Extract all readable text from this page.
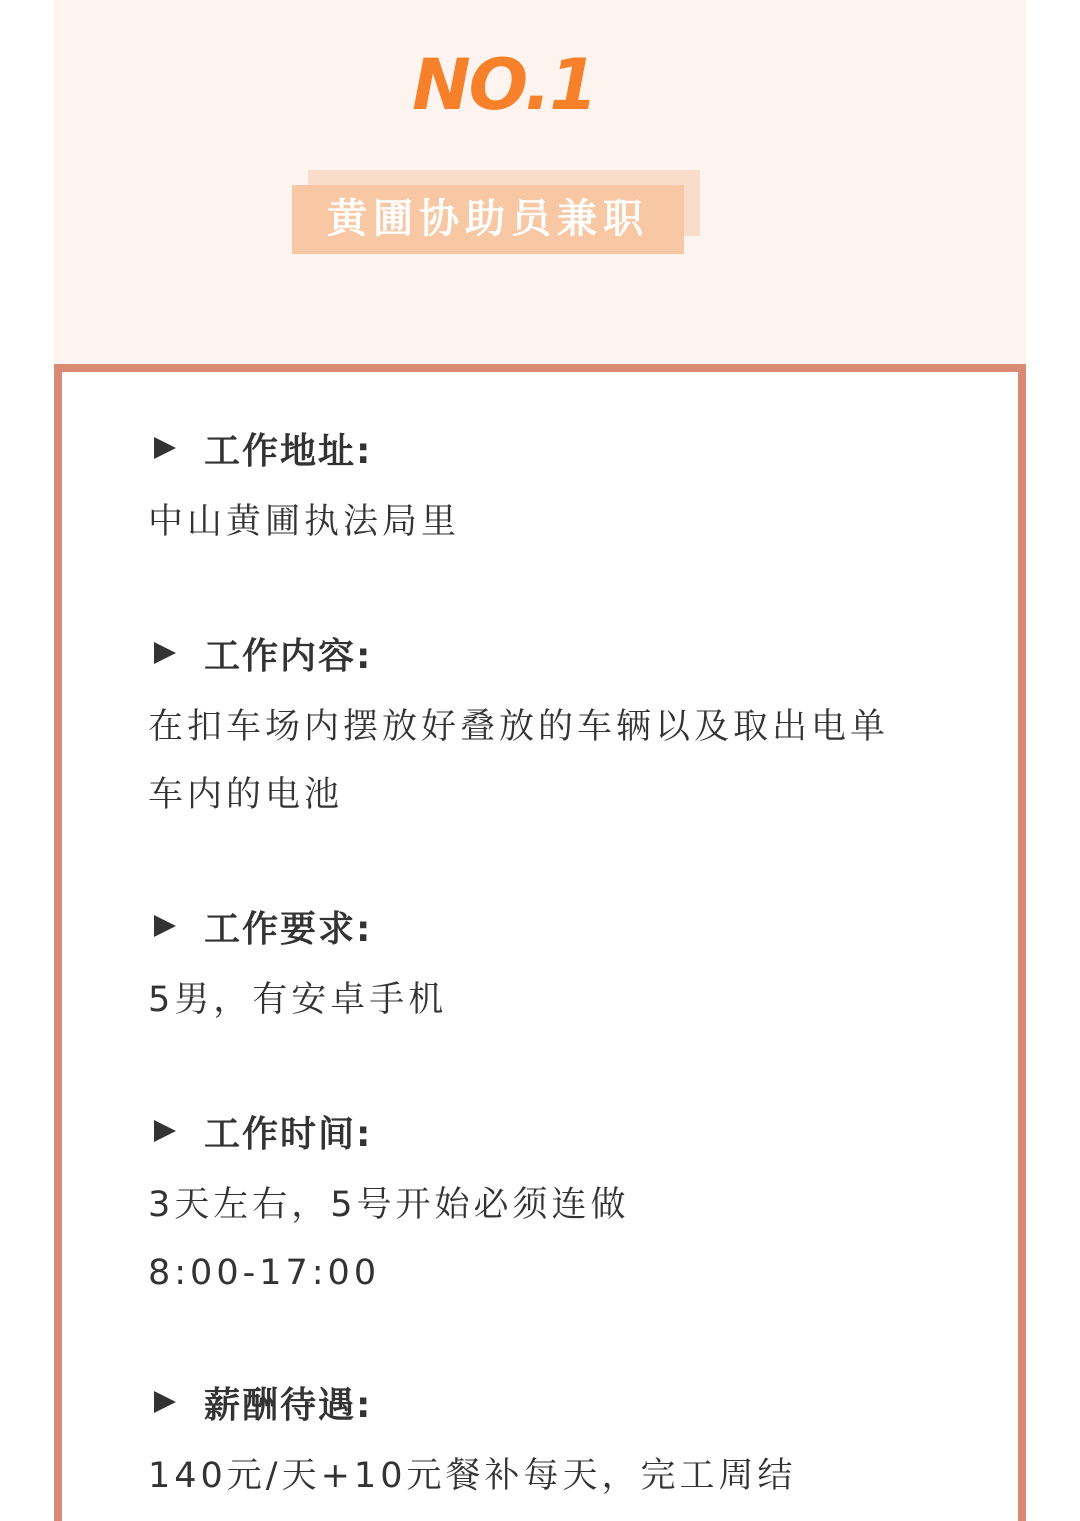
NO.1
黄圃协助员兼职
工作地址:

中山黄圃执法局里

工作内容:

在扣车场内摆放好叠放的车辆以及取出电单

车内的电池

工作要求:

5男，有安卓手机

工作时间:

3天左右，5号开始必须连做

8:00-17:00

薪酬待遇:

140元/天+10元餐补每天，完工周结
